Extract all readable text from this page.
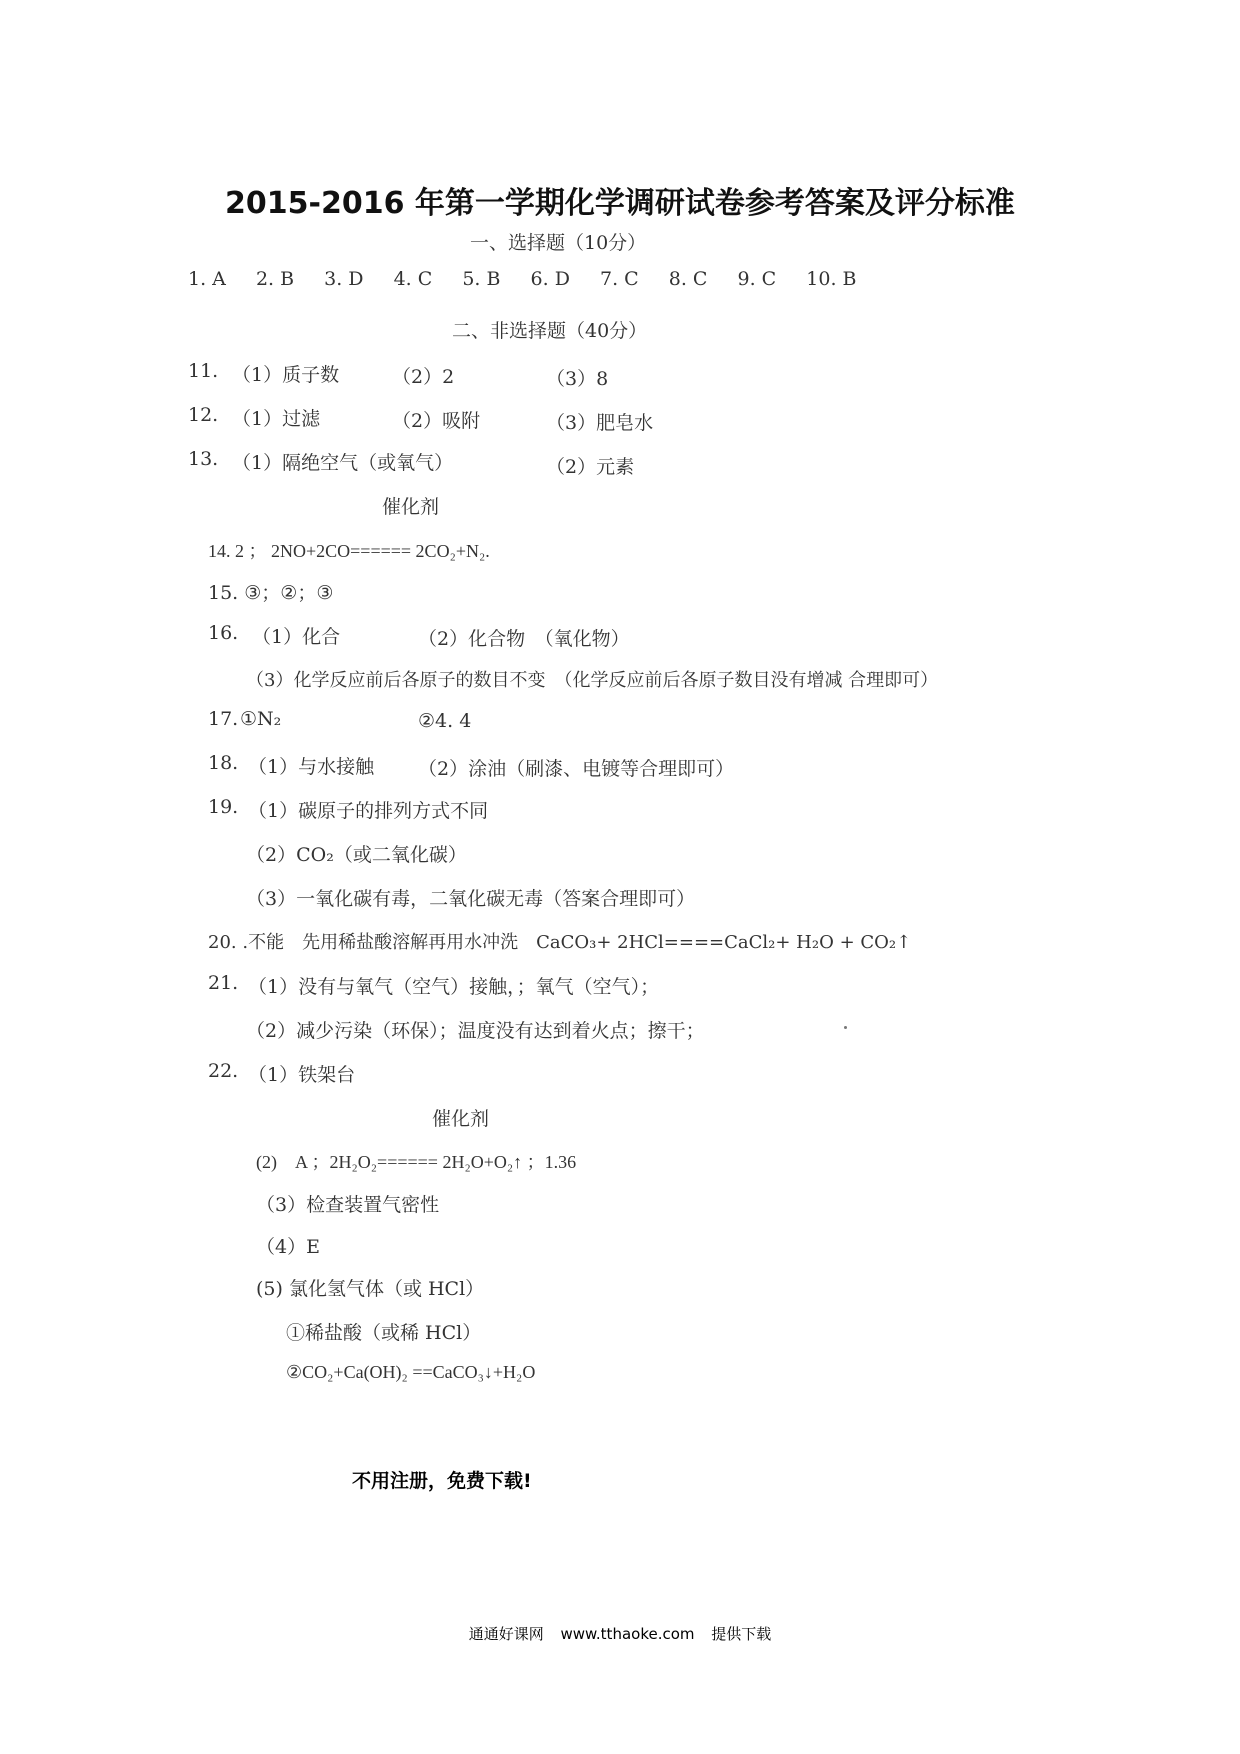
2015-2016 年第一学期化学调研试卷参考答案及评分标准
一、选择题（10分）
1. A 2. B 3. D 4. C 5. B 6. D 7. C 8. C 9. C 10. B
二、非选择题（40分）
11. （1）质子数	（2）2	（3）8
12. （1）过滤	（2）吸附	（3）肥皂水
13. （1）隔绝空气（或氧气）	（2）元素
催化剂
14. 2 ； 2NO+2CO====== 2CO₂+N₂.
15. ③；②；③
16. （1）化合	（2）化合物　（氧化物）
（3）化学反应前后各原子的数目不变　（化学反应前后各原子数目没有增减 合理即可）
17. ①N₂	②4. 4
18. （1）与水接触 （2）涂油（刷漆、电镀等合理即可）
19. （1）碳原子的排列方式不同
（2）CO₂（或二氧化碳）
（3）一氧化碳有毒，二氧化碳无毒（答案合理即可）
20. .不能　先用稀盐酸溶解再用水冲洗　CaCO₃+ 2HCl====CaCl₂+ H₂O + CO₂↑
21. （1）没有与氧气（空气）接触，；氧气（空气）；
（2）减少污染（环保）；温度没有达到着火点；擦干；
22. （1）铁架台
催化剂
(2)　A ；2H₂O₂====== 2H₂O+O₂↑ ；1.36
（3）检查装置气密性
（4）E
(5) 氯化氢气体（或 HCl）
①稀盐酸（或稀 HCl）
②CO₂+Ca(OH)₂ ==CaCO₃↓+H₂O
不用注册，免费下载!
通通好课网 www.tthaoke.com 提供下载
